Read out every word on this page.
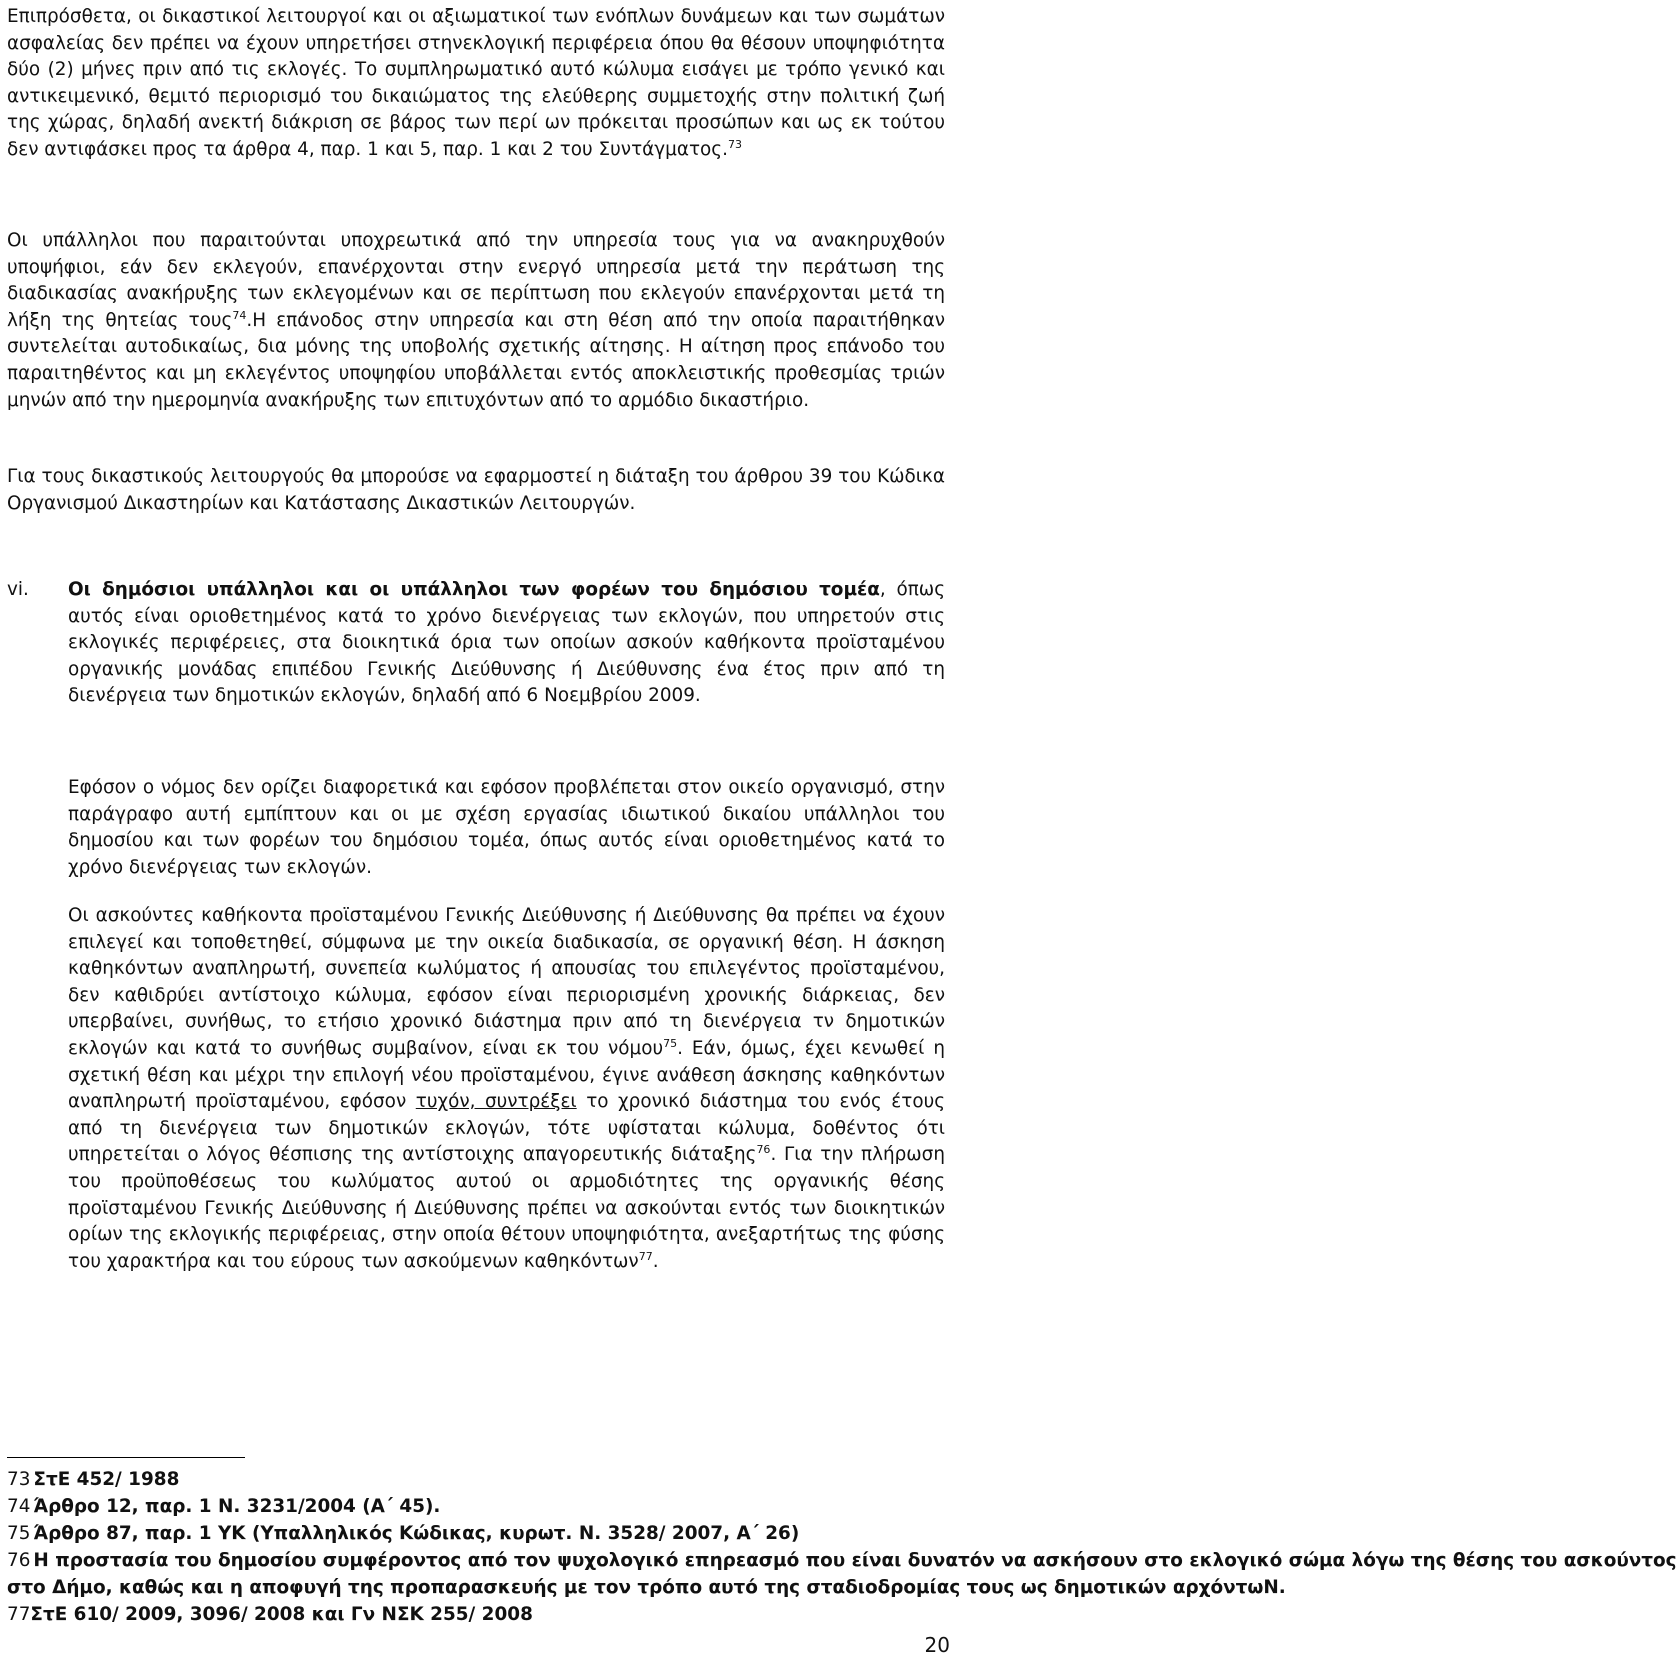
Επιπρόσθετα, οι δικαστικοί λειτουργοί και οι αξιωματικοί των ενόπλων δυνάμεων και των σωμάτων ασφαλείας δεν πρέπει να έχουν υπηρετήσει στηνεκλογική περιφέρεια όπου θα θέσουν υποψηφιότητα δύο (2) μήνες πριν από τις εκλογές. Το συμπληρωματικό αυτό κώλυμα εισάγει με τρόπο γενικό και αντικειμενικό, θεμιτό περιορισμό του δικαιώματος της ελεύθερης συμμετοχής στην πολιτική ζωή της χώρας, δηλαδή ανεκτή διάκριση σε βάρος των περί ων πρόκειται προσώπων και ως εκ τούτου δεν αντιφάσκει προς τα άρθρα 4, παρ. 1 και 5, παρ. 1 και 2 του Συντάγματος.$^{73}$

Οι υπάλληλοι που παραιτούνται υποχρεωτικά από την υπηρεσία τους για να ανακηρυχθούν υποψήφιοι, εάν δεν εκλεγούν, επανέρχονται στην ενεργό υπηρεσία μετά την περάτωση της διαδικασίας ανακήρυξης των εκλεγομένων και σε περίπτωση που εκλεγούν επανέρχονται μετά τη λήξη της θητείας τους$^{74}$.Η επάνοδος στην υπηρεσία και στη θέση από την οποία παραιτήθηκαν συντελείται αυτοδικαίως, δια μόνης της υποβολής σχετικής αίτησης. Η αίτηση προς επάνοδο του παραιτηθέντος και μη εκλεγέντος υποψηφίου υποβάλλεται εντός αποκλειστικής προθεσμίας τριών μηνών από την ημερομηνία ανακήρυξης των επιτυχόντων από το αρμόδιο δικαστήριο.

Για τους δικαστικούς λειτουργούς θα μπορούσε να εφαρμοστεί η διάταξη του άρθρου 39 του Κώδικα Οργανισμού Δικαστηρίων και Κατάστασης Δικαστικών Λειτουργών.

vi. Οι δημόσιοι υπάλληλοι και οι υπάλληλοι των φορέων του δημόσιου τομέα, όπως αυτός είναι οριοθετημένος κατά το χρόνο διενέργειας των εκλογών, που υπηρετούν στις εκλογικές περιφέρειες, στα διοικητικά όρια των οποίων ασκούν καθήκοντα προϊσταμένου οργανικής μονάδας επιπέδου Γενικής Διεύθυνσης ή Διεύθυνσης ένα έτος πριν από τη διενέργεια των δημοτικών εκλογών, δηλαδή από 6 Νοεμβρίου 2009.

Εφόσον ο νόμος δεν ορίζει διαφορετικά και εφόσον προβλέπεται στον οικείο οργανισμό, στην παράγραφο αυτή εμπίπτουν και οι με σχέση εργασίας ιδιωτικού δικαίου υπάλληλοι του δημοσίου και των φορέων του δημόσιου τομέα, όπως αυτός είναι οριοθετημένος κατά το χρόνο διενέργειας των εκλογών.

Οι ασκούντες καθήκοντα προϊσταμένου Γενικής Διεύθυνσης ή Διεύθυνσης θα πρέπει να έχουν επιλεγεί και τοποθετηθεί, σύμφωνα με την οικεία διαδικασία, σε οργανική θέση. Η άσκηση καθηκόντων αναπληρωτή, συνεπεία κωλύματος ή απουσίας του επιλεγέντος προϊσταμένου, δεν καθιδρύει αντίστοιχο κώλυμα, εφόσον είναι περιορισμένη χρονικής διάρκειας, δεν υπερβαίνει, συνήθως, το ετήσιο χρονικό διάστημα πριν από τη διενέργεια τν δημοτικών εκλογών και κατά το συνήθως συμβαίνον, είναι εκ του νόμου$^{75}$. Εάν, όμως, έχει κενωθεί η σχετική θέση και μέχρι την επιλογή νέου προϊσταμένου, έγινε ανάθεση άσκησης καθηκόντων αναπληρωτή προϊσταμένου, εφόσον τυχόν, συντρέξει το χρονικό διάστημα του ενός έτους από τη διενέργεια των δημοτικών εκλογών, τότε υφίσταται κώλυμα, δοθέντος ότι υπηρετείται ο λόγος θέσπισης της αντίστοιχης απαγορευτικής διάταξης$^{76}$. Για την πλήρωση του προϋποθέσεως του κωλύματος αυτού οι αρμοδιότητες της οργανικής θέσης προϊσταμένου Γενικής Διεύθυνσης ή Διεύθυνσης πρέπει να ασκούνται εντός των διοικητικών ορίων της εκλογικής περιφέρειας, στην οποία θέτουν υποψηφιότητα, ανεξαρτήτως της φύσης του χαρακτήρα και του εύρους των ασκούμενων καθηκόντων$^{77}$.

73 ΣτΕ 452/ 1988

74 Άρθρο 12, παρ. 1 Ν. 3231/2004 (Α΄ 45).

75 Άρθρο 87, παρ. 1 ΥΚ (Υπαλληλικός Κώδικας, κυρωτ. Ν. 3528/ 2007, Α΄ 26)

76 Η προστασία του δημοσίου συμφέροντος από τον ψυχολογικό επηρεασμό που είναι δυνατόν να ασκήσουν στο εκλογικό σώμα λόγω της θέσης του ασκούντος

στο Δήμο, καθώς και η αποφυγή της προπαρασκευής με τον τρόπο αυτό της σταδιοδρομίας τους ως δημοτικών αρχόντωΝ.

77ΣτΕ 610/ 2009, 3096/ 2008 και Γν ΝΣΚ 255/ 2008

20
